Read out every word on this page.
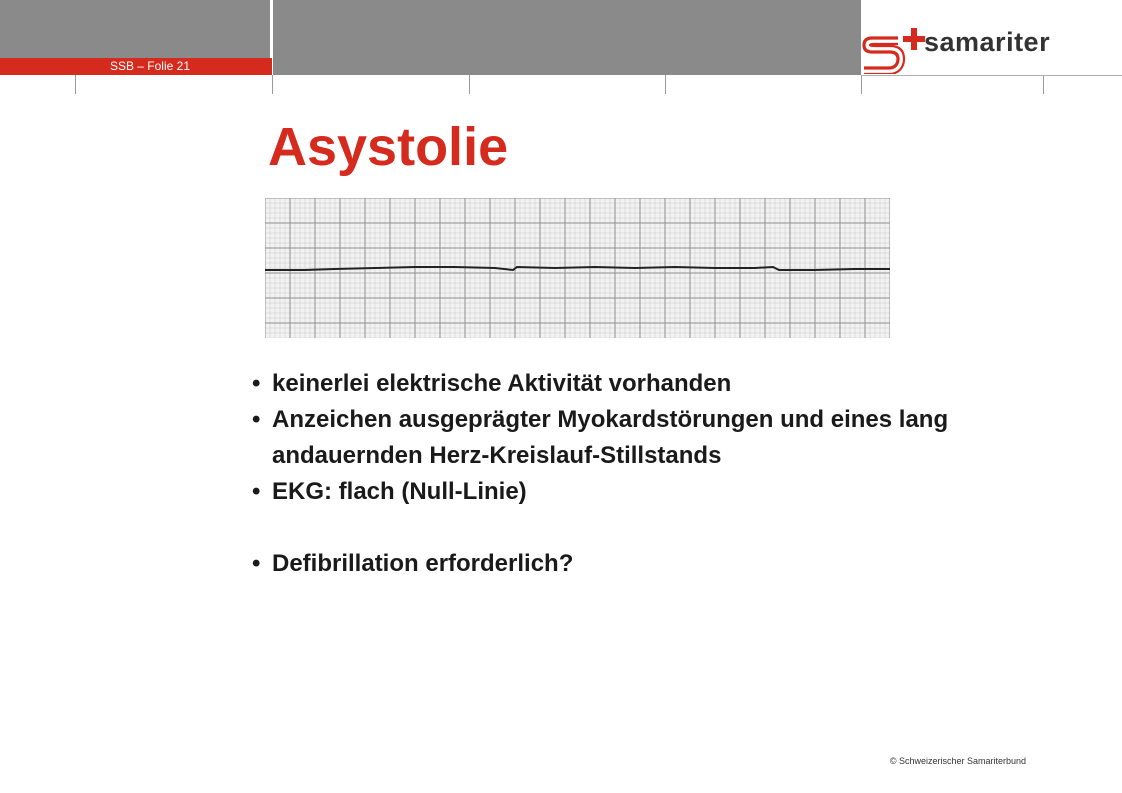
SSB – Folie 21
samariter
Asystolie
• keinerlei elektrische Aktivität vorhanden
• Anzeichen ausgeprägter Myokardstörungen und eines lang andauernden Herz-Kreislauf-Stillstands
• EKG: flach (Null-Linie)
• Defibrillation erforderlich?
© Schweizerischer Samariterbund
